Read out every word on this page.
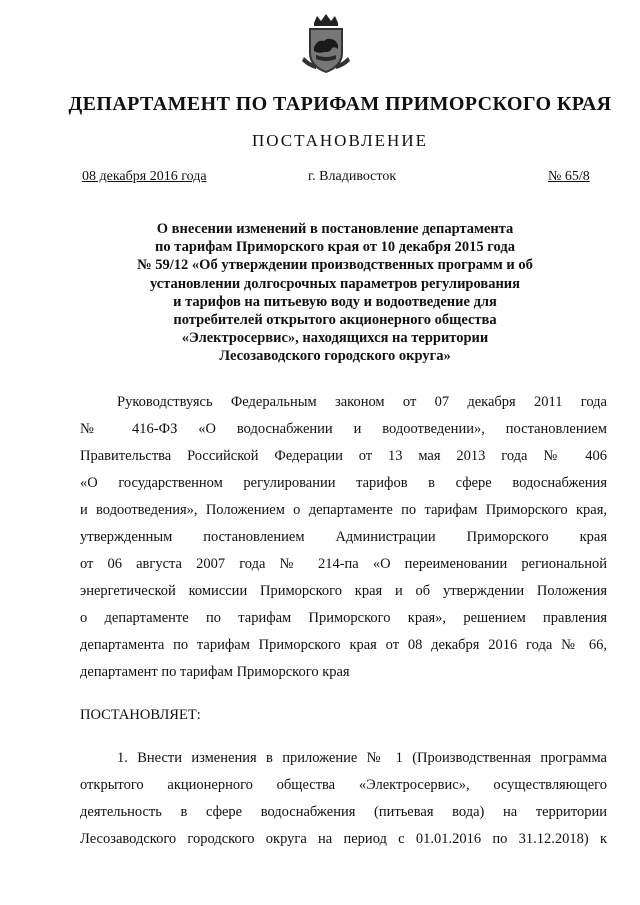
ДЕПАРТАМЕНТ ПО ТАРИФАМ ПРИМОРСКОГО КРАЯ
ПОСТАНОВЛЕНИЕ
08 декабря 2016 года	г. Владивосток	№ 65/8
О внесении изменений в постановление департамента
по тарифам Приморского края от 10 декабря 2015 года
№ 59/12 «Об утверждении производственных программ и об
установлении долгосрочных параметров регулирования
и тарифов на питьевую воду и водоотведение для
потребителей открытого акционерного общества
«Электросервис», находящихся на территории
Лесозаводского городского округа»
Руководствуясь Федеральным законом от 07 декабря 2011 года
№ 416-ФЗ «О водоснабжении и водоотведении», постановлением
Правительства Российской Федерации от 13 мая 2013 года № 406
«О государственном регулировании тарифов в сфере водоснабжения
и водоотведения», Положением о департаменте по тарифам Приморского края,
утвержденным постановлением Администрации Приморского края
от 06 августа 2007 года № 214-па «О переименовании региональной
энергетической комиссии Приморского края и об утверждении Положения
о департаменте по тарифам Приморского края», решением правления
департамента по тарифам Приморского края от 08 декабря 2016 года № 66,
департамент по тарифам Приморского края
ПОСТАНОВЛЯЕТ:
1. Внести изменения в приложение № 1 (Производственная программа
открытого акционерного общества «Электросервис», осуществляющего
деятельность в сфере водоснабжения (питьевая вода) на территории
Лесозаводского городского округа на период с 01.01.2016 по 31.12.2018) к
